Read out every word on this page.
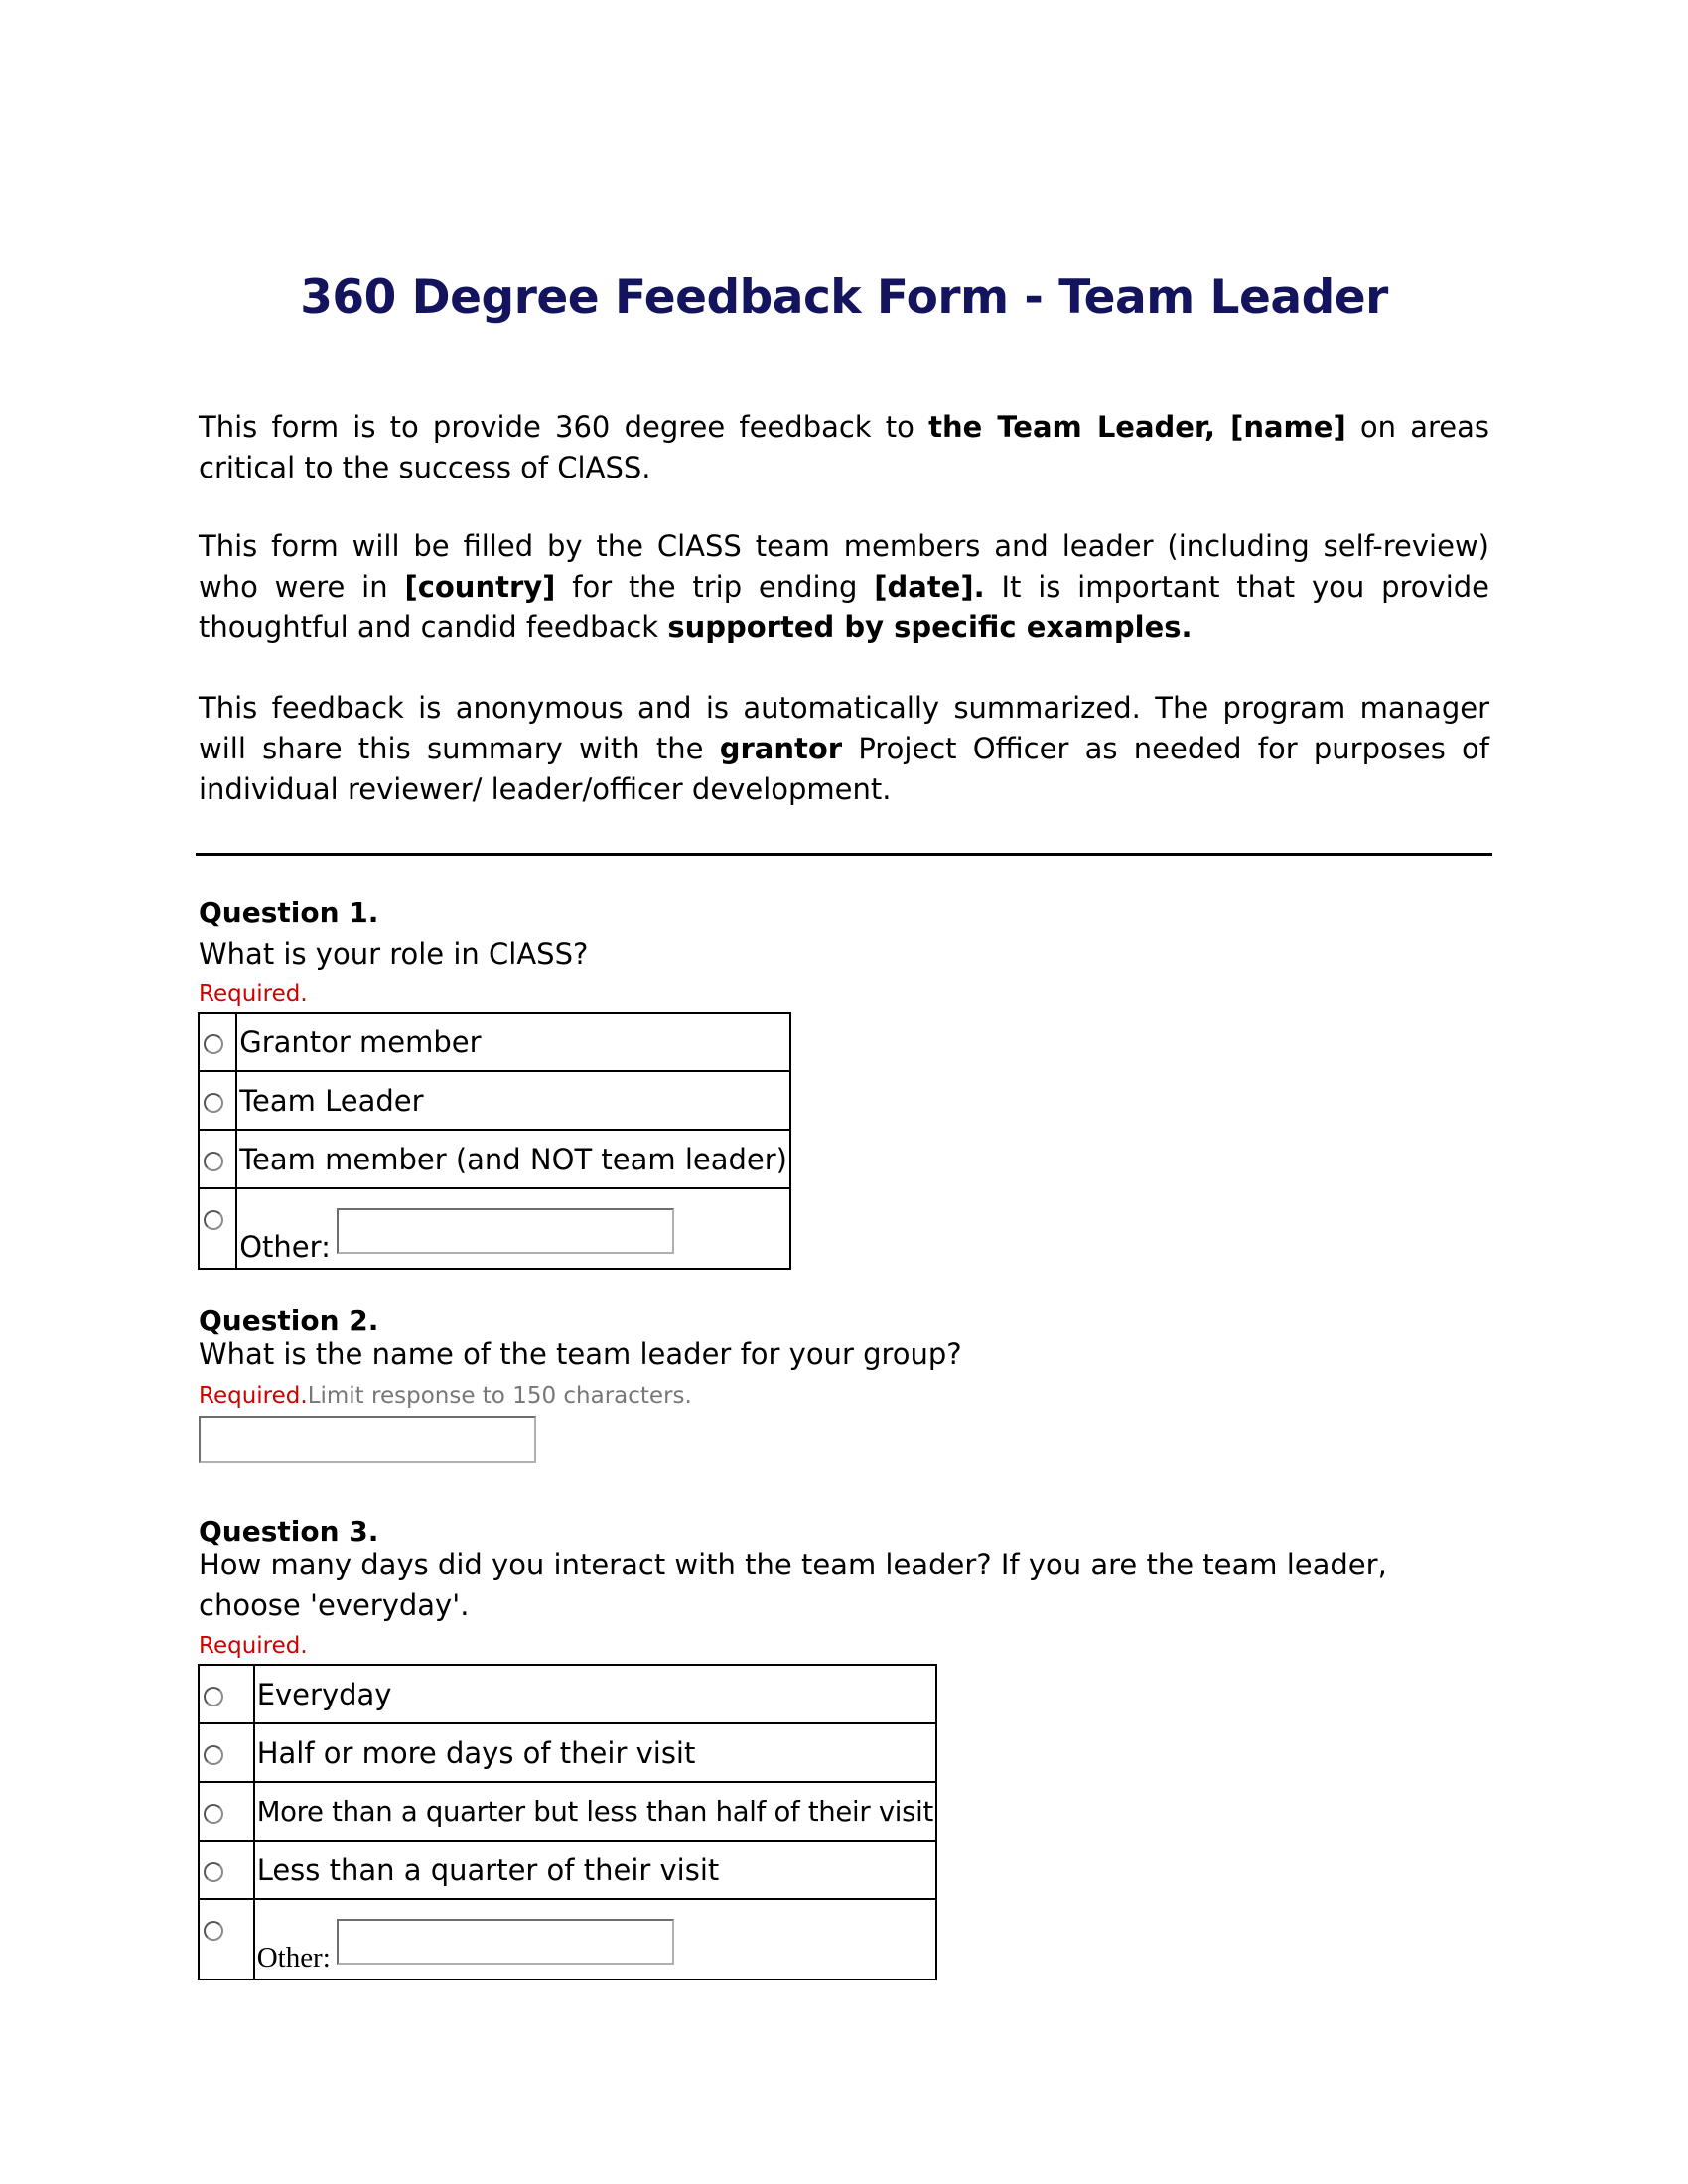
360 Degree Feedback Form - Team Leader

This form is to provide 360 degree feedback to the Team Leader, [name] on areas critical to the success of ClASS.

This form will be filled by the ClASS team members and leader (including self-review) who were in [country] for the trip ending [date]. It is important that you provide thoughtful and candid feedback supported by specific examples.

This feedback is anonymous and is automatically summarized. The program manager will share this summary with the grantor Project Officer as needed for purposes of individual reviewer/ leader/officer development.

Question 1.
What is your role in ClASS?
Required.
	Grantor member
	Team Leader
	Team member (and NOT team leader)
	Other:
Question 2.
What is the name of the team leader for your group?
Required.Limit response to 150 characters.
Question 3.
How many days did you interact with the team leader? If you are the team leader, choose 'everyday'.
Required.
	Everyday
	Half or more days of their visit
	More than a quarter but less than half of their visit
	Less than a quarter of their visit
	Other:
